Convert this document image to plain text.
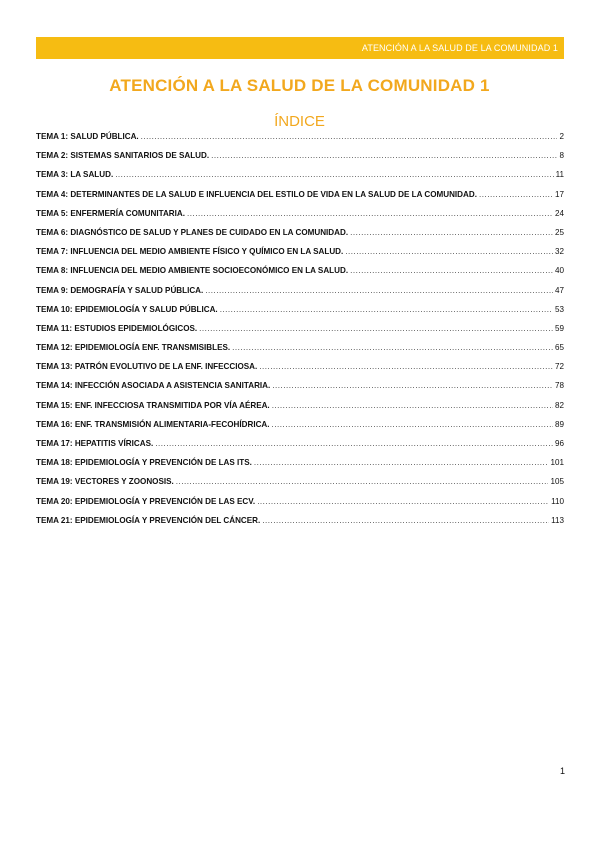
ATENCIÓN A LA SALUD DE LA COMUNIDAD 1
ATENCIÓN A LA SALUD DE LA COMUNIDAD 1
ÍNDICE
TEMA 1: SALUD PÚBLICA. .....	2
TEMA 2: SISTEMAS SANITARIOS DE SALUD. .....	8
TEMA 3: LA SALUD. .....	11
TEMA 4: DETERMINANTES DE LA SALUD E INFLUENCIA DEL ESTILO DE VIDA EN LA SALUD DE LA COMUNIDAD. .....	17
TEMA 5: ENFERMERÍA COMUNITARIA. .....	24
TEMA 6: DIAGNÓSTICO DE SALUD Y PLANES DE CUIDADO EN LA COMUNIDAD. .....	25
TEMA 7: INFLUENCIA DEL MEDIO AMBIENTE FÍSICO Y QUÍMICO EN LA SALUD. .....	32
TEMA 8: INFLUENCIA DEL MEDIO AMBIENTE SOCIOECONÓMICO EN LA SALUD. .....	40
TEMA 9: DEMOGRAFÍA Y SALUD PÚBLICA. .....	47
TEMA 10: EPIDEMIOLOGÍA Y SALUD PÚBLICA. .....	53
TEMA 11: ESTUDIOS EPIDEMIOLÓGICOS. .....	59
TEMA 12: EPIDEMIOLOGÍA ENF. TRANSMISIBLES. .....	65
TEMA 13: PATRÓN EVOLUTIVO DE LA ENF. INFECCIOSA. .....	72
TEMA 14: INFECCIÓN ASOCIADA A ASISTENCIA SANITARIA. .....	78
TEMA 15: ENF. INFECCIOSA TRANSMITIDA POR VÍA AÉREA. .....	82
TEMA 16: ENF. TRANSMISIÓN ALIMENTARIA-FECOHÍDRICA. .....	89
TEMA 17: HEPATITIS VÍRICAS. .....	96
TEMA 18: EPIDEMIOLOGÍA Y PREVENCIÓN DE LAS ITS. .....	101
TEMA 19: VECTORES Y ZOONOSIS. .....	105
TEMA 20: EPIDEMIOLOGÍA Y PREVENCIÓN DE LAS ECV. .....	110
TEMA 21: EPIDEMIOLOGÍA Y PREVENCIÓN DEL CÁNCER. .....	113
1
